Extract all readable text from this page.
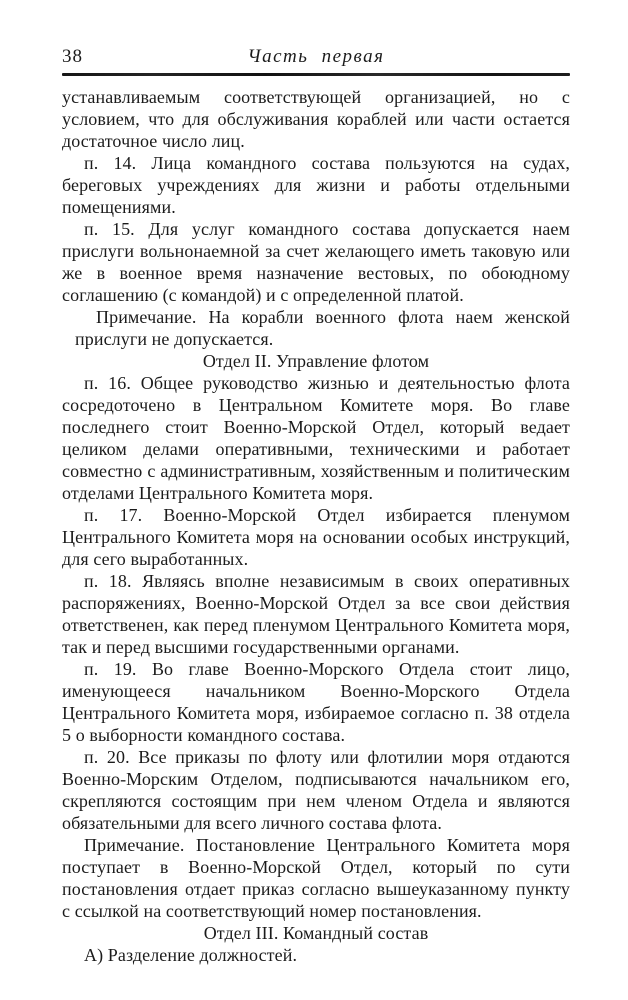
38	Часть первая

устанавливаемым соответствующей организацией, но с условием, что для обслуживания кораблей или части остается достаточное число лиц.

п. 14. Лица командного состава пользуются на судах, береговых учреждениях для жизни и работы отдельными помещениями.

п. 15. Для услуг командного состава допускается наем прислуги вольнонаемной за счет желающего иметь таковую или же в военное время назначение вестовых, по обоюдному соглашению (с командой) и с определенной платой.

Примечание. На корабли военного флота наем женской прислуги не допускается.

Отдел II. Управление флотом

п. 16. Общее руководство жизнью и деятельностью флота сосредоточено в Центральном Комитете моря. Во главе последнего стоит Военно-Морской Отдел, который ведает целиком делами оперативными, техническими и работает совместно с административным, хозяйственным и политическим отделами Центрального Комитета моря.

п. 17. Военно-Морской Отдел избирается пленумом Центрального Комитета моря на основании особых инструкций, для сего выработанных.

п. 18. Являясь вполне независимым в своих оперативных распоряжениях, Военно-Морской Отдел за все свои действия ответственен, как перед пленумом Центрального Комитета моря, так и перед высшими государственными органами.

п. 19. Во главе Военно-Морского Отдела стоит лицо, именующееся начальником Военно-Морского Отдела Центрального Комитета моря, избираемое согласно п. 38 отдела 5 о выборности командного состава.

п. 20. Все приказы по флоту или флотилии моря отдаются Военно-Морским Отделом, подписываются начальником его, скрепляются состоящим при нем членом Отдела и являются обязательными для всего личного состава флота.

Примечание. Постановление Центрального Комитета моря поступает в Военно-Морской Отдел, который по сути постановления отдает приказ согласно вышеуказанному пункту с ссылкой на соответствующий номер постановления.

Отдел III. Командный состав

А) Разделение должностей.
